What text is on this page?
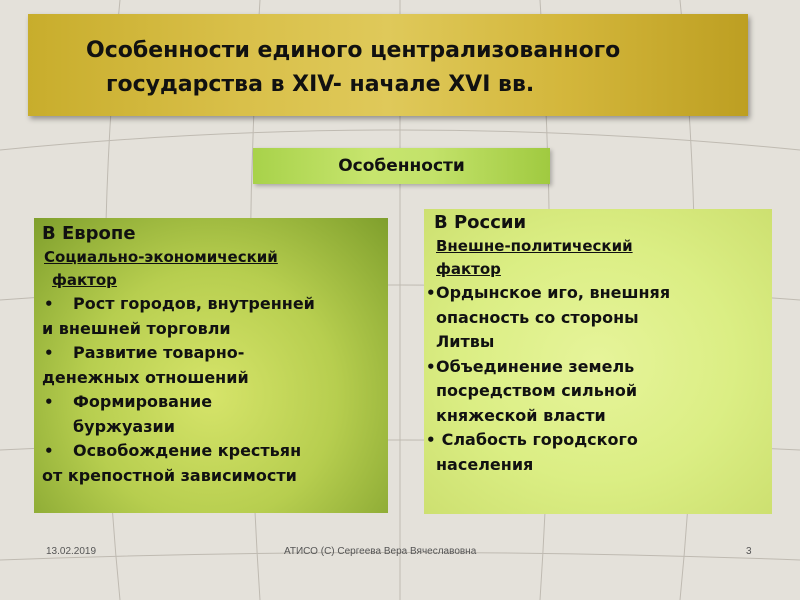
Особенности единого централизованного
государства в XIV- начале XVI вв.
Особенности
В Европе
Социально-экономический
фактор
• Рост городов, внутренней
и внешней торговли
• Развитие товарно-
денежных отношений
• Формирование
буржуазии
• Освобождение крестьян
от крепостной зависимости
В России
Внешне-политический
фактор
•Ордынское иго, внешняя
опасность со стороны
Литвы
•Объединение земель
посредством сильной
княжеской власти
• Слабость городского
населения
13.02.2019	АТИСО (С) Сергеева Вера Вячеславовна	3
